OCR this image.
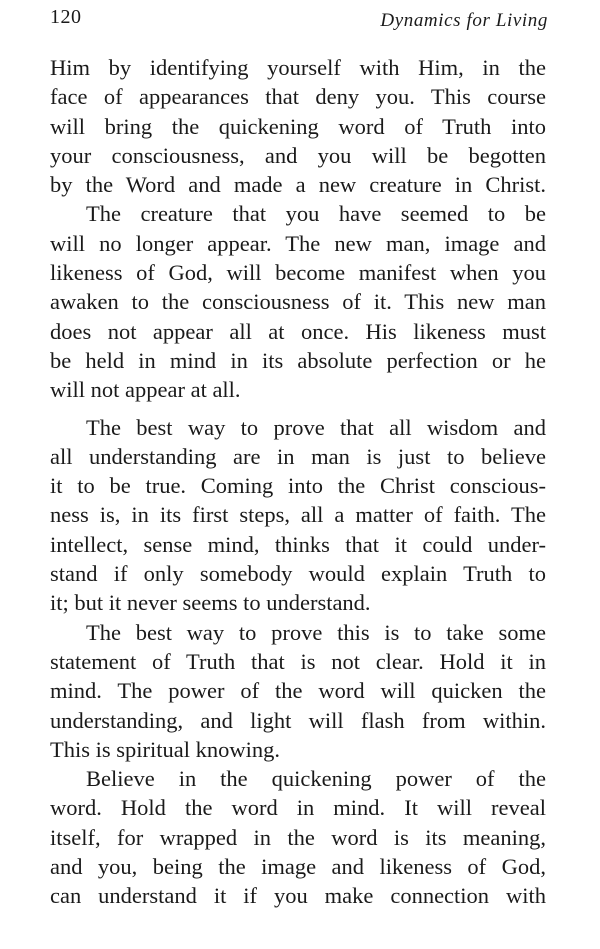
120	Dynamics for Living
Him by identifying yourself with Him, in the
face of appearances that deny you. This course
will bring the quickening word of Truth into
your consciousness, and you will be begotten
by the Word and made a new creature in Christ.
The creature that you have seemed to be
will no longer appear. The new man, image and
likeness of God, will become manifest when you
awaken to the consciousness of it. This new man
does not appear all at once. His likeness must
be held in mind in its absolute perfection or he
will not appear at all.
The best way to prove that all wisdom and
all understanding are in man is just to believe
it to be true. Coming into the Christ conscious-
ness is, in its first steps, all a matter of faith. The
intellect, sense mind, thinks that it could under-
stand if only somebody would explain Truth to
it; but it never seems to understand.
The best way to prove this is to take some
statement of Truth that is not clear. Hold it in
mind. The power of the word will quicken the
understanding, and light will flash from within.
This is spiritual knowing.
Believe in the quickening power of the
word. Hold the word in mind. It will reveal
itself, for wrapped in the word is its meaning,
and you, being the image and likeness of God,
can understand it if you make connection with
